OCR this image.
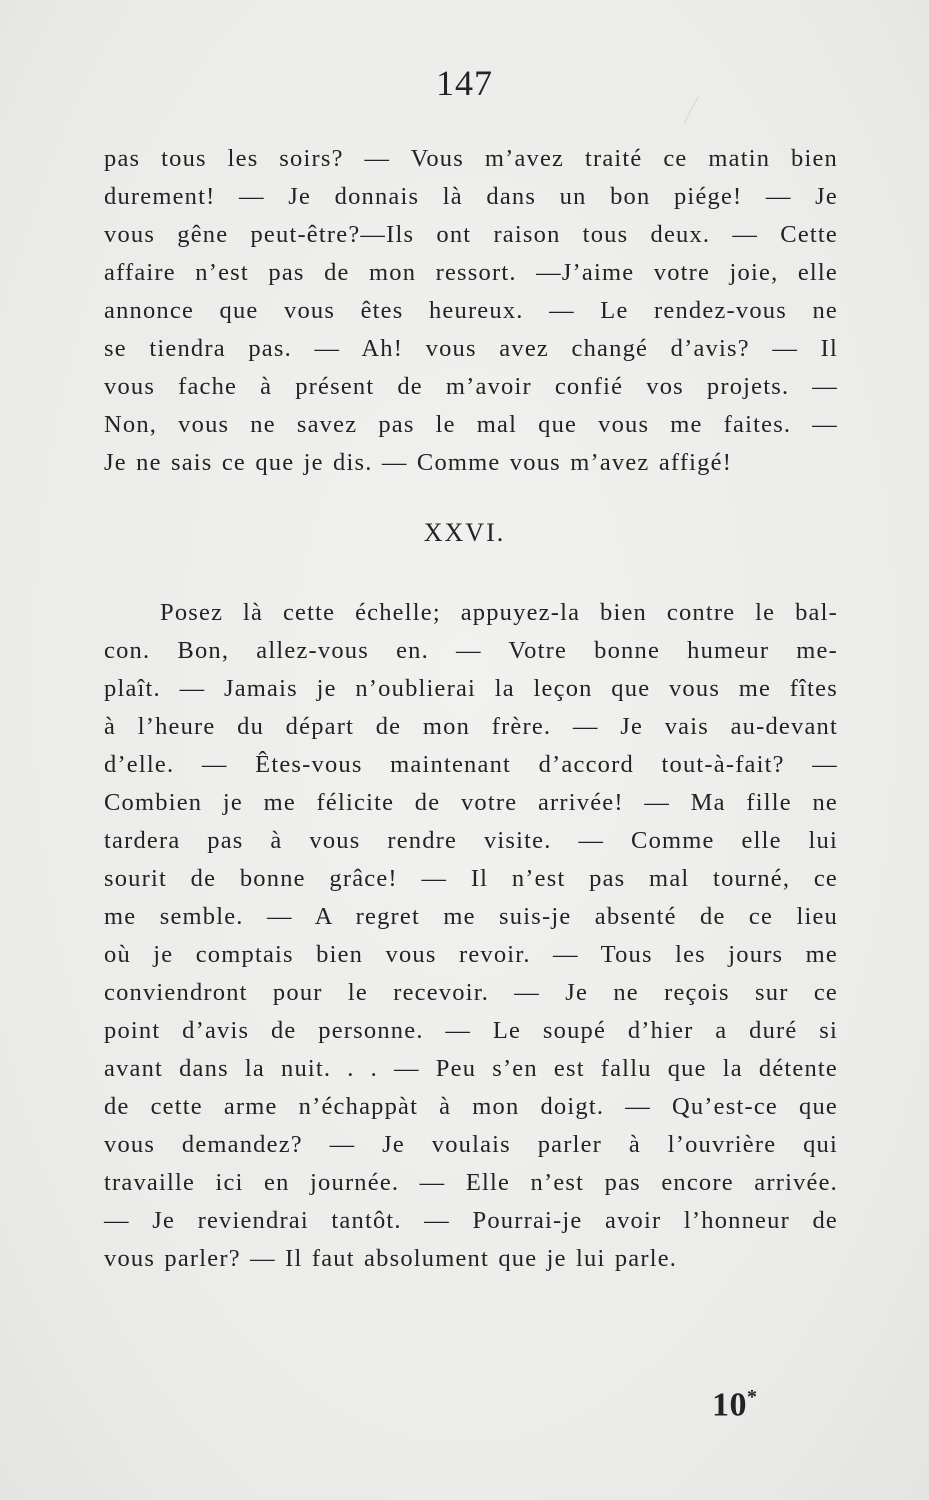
147
pas tous les soirs? — Vous m’avez traité ce matin bien
durement! — Je donnais là dans un bon piége! — Je
vous gêne peut-être?—Ils ont raison tous deux. — Cette
affaire n’est pas de mon ressort. —J’aime votre joie, elle
annonce que vous êtes heureux. — Le rendez-vous ne
se tiendra pas. — Ah! vous avez changé d’avis? — Il
vous fache à présent de m’avoir confié vos projets. —
Non, vous ne savez pas le mal que vous me faites. —
Je ne sais ce que je dis. — Comme vous m’avez affigé!
XXVI.
Posez là cette échelle; appuyez-la bien contre le bal-
con. Bon, allez-vous en. — Votre bonne humeur me-
plaît. — Jamais je n’oublierai la leçon que vous me fîtes
à l’heure du départ de mon frère. — Je vais au-devant
d’elle. — Êtes-vous maintenant d’accord tout-à-fait? —
Combien je me félicite de votre arrivée! — Ma fille ne
tardera pas à vous rendre visite. — Comme elle lui
sourit de bonne grâce! — Il n’est pas mal tourné, ce
me semble. — A regret me suis-je absenté de ce lieu
où je comptais bien vous revoir. — Tous les jours me
conviendront pour le recevoir. — Je ne reçois sur ce
point d’avis de personne. — Le soupé d’hier a duré si
avant dans la nuit. . . — Peu s’en est fallu que la détente
de cette arme n’échappàt à mon doigt. — Qu’est-ce que
vous demandez? — Je voulais parler à l’ouvrière qui
travaille ici en journée. — Elle n’est pas encore arrivée.
— Je reviendrai tantôt. — Pourrai-je avoir l’honneur de
vous parler? — Il faut absolument que je lui parle.
10*
